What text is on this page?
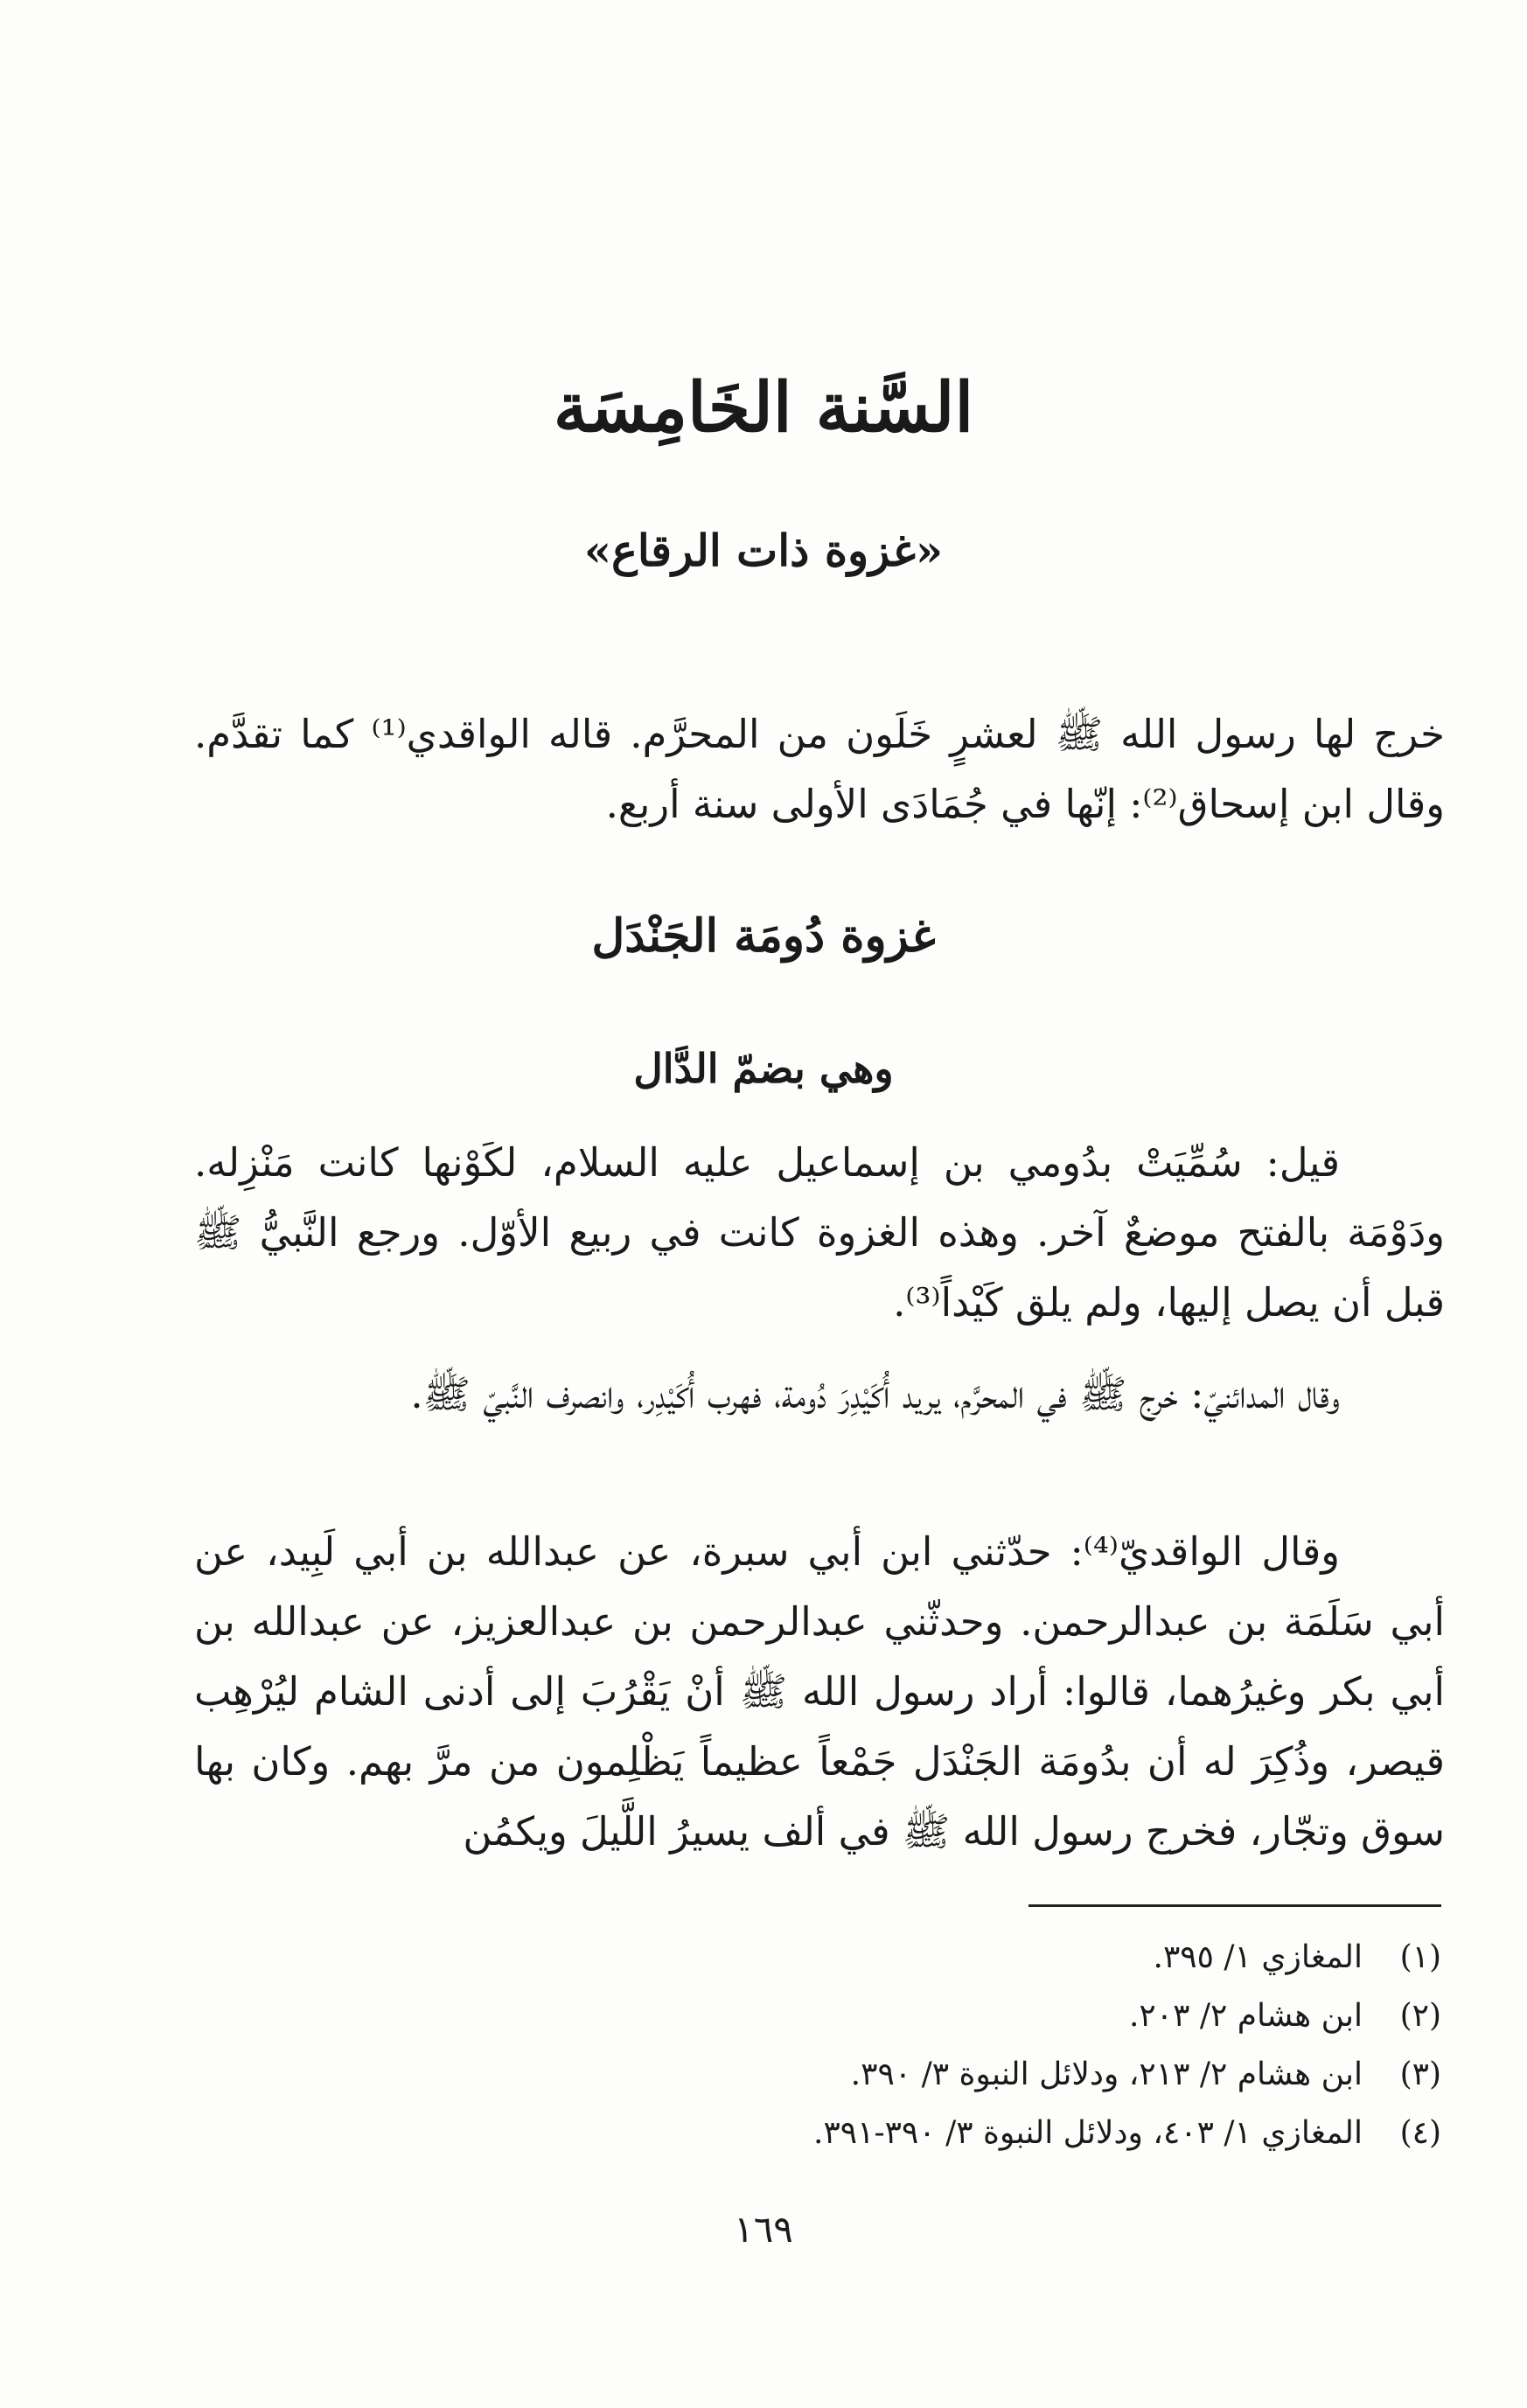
السَّنة الخَامِسَة
«غزوة ذات الرقاع»

خرج لها رسول الله ﷺ لعشرٍ خَلَون من المحرَّم. قاله الواقدي⁽¹⁾ كما تقدَّم. وقال ابن إسحاق⁽²⁾: إنّها في جُمَادَى الأولى سنة أربع.

غزوة دُومَة الجَنْدَل
وهي بضمّ الدَّال

قيل: سُمِّيَتْ بدُومي بن إسماعيل عليه السلام، لكَوْنها كانت مَنْزِله. ودَوْمَة بالفتح موضعٌ آخر. وهذه الغزوة كانت في ربيع الأوّل. ورجع النَّبيُّ ﷺ قبل أن يصل إليها، ولم يلق كَيْداً⁽³⁾.

وقال المدائنيّ: خرج ﷺ في المحرَّم، يريد أُكَيْدِرَ دُومة، فهرب أُكَيْدِر، وانصرف النَّبيّ ﷺ.

وقال الواقديّ⁽⁴⁾: حدّثني ابن أبي سبرة، عن عبدالله بن أبي لَبِيد، عن أبي سَلَمَة بن عبدالرحمن. وحدثّني عبدالرحمن بن عبدالعزيز، عن عبدالله بن أبي بكر وغيرُهما، قالوا: أراد رسول الله ﷺ أنْ يَقْرُبَ إلى أدنى الشام ليُرْهِب قيصر، وذُكِرَ له أن بدُومَة الجَنْدَل جَمْعاً عظيماً يَظْلِمون من مرَّ بهم. وكان بها سوق وتجّار، فخرج رسول الله ﷺ في ألف يسيرُ اللَّيلَ ويكمُن

(١)المغازي ١/ ٣٩٥.
(٢)ابن هشام ٢/ ٢٠٣.
(٣)ابن هشام ٢/ ٢١٣، ودلائل النبوة ٣/ ٣٩٠.
(٤)المغازي ١/ ٤٠٣، ودلائل النبوة ٣/ ٣٩٠-٣٩١.

١٦٩
